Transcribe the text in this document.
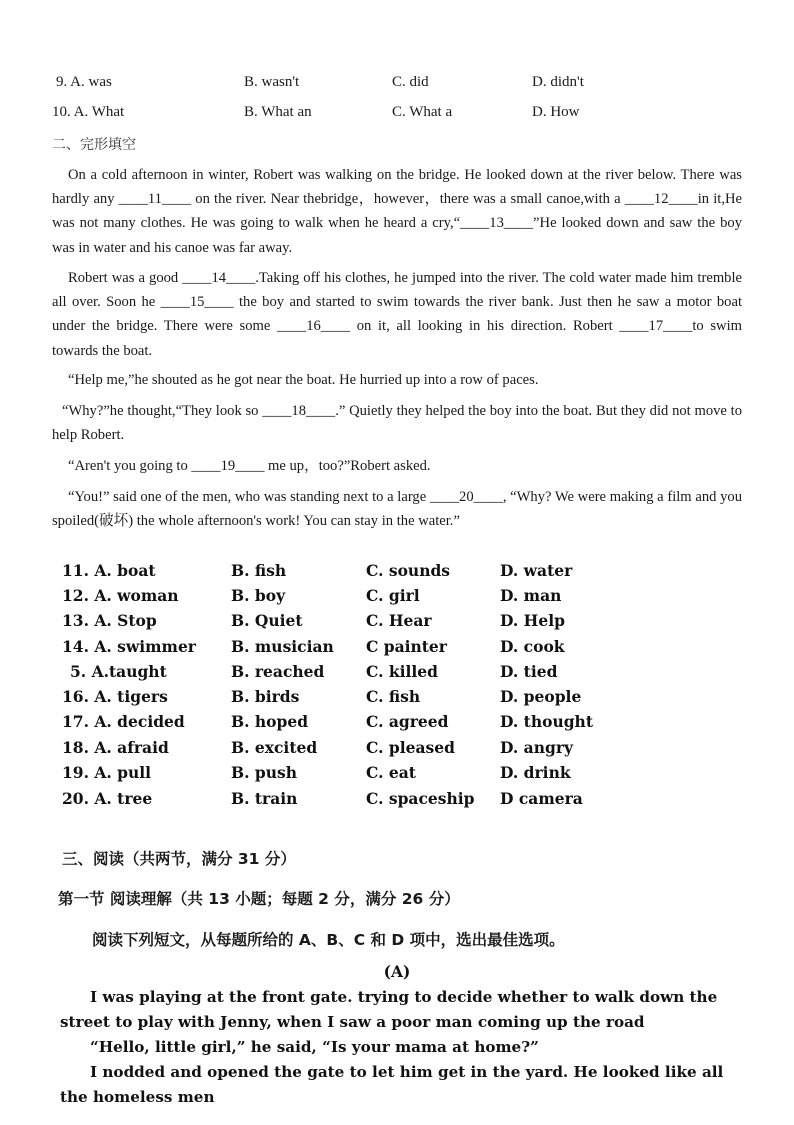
9. A. was	B. wasn't	C. did	D. didn't
10. A. What	B. What an	C. What a	D. How
二、完形填空
On a cold afternoon in winter, Robert was walking on the bridge. He looked down at the river below. There was hardly any ____11____ on the river. Near thebridge，however，there was a small canoe,with a ____12____in it,He was not many clothes. He was going to walk when he heard a cry,“____13____”He looked down and saw the boy was in water and his canoe was far away.
Robert was a good ____14____.Taking off his clothes, he jumped into the river. The cold water made him tremble all over. Soon he ____15____ the boy and started to swim towards the river bank. Just then he saw a motor boat under the bridge. There were some ____16____ on it, all looking in his direction. Robert ____17____to swim towards the boat.
“Help me,”he shouted as he got near the boat. He hurried up into a row of paces.
“Why?”he thought,“They look so ____18____.” Quietly they helped the boy into the boat. But they did not move to help Robert.
“Aren't you going to ____19____ me up，too?”Robert asked.
“You!” said one of the men, who was standing next to a large ____20____, “Why? We were making a film and you spoiled(破坏) the whole afternoon's work! You can stay in the water.”
11. A. boat	B. fish	C. sounds	D. water
12. A. woman	B. boy	C. girl	D. man
13. A. Stop	B. Quiet	C. Hear	D. Help
14. A. swimmer B. musician C painter	D. cook
5. A.taught	B. reached	C. killed	D. tied
16. A. tigers	B. birds	C. fish	D. people
17. A. decided	B. hoped	C. agreed	D. thought
18. A. afraid	B. excited	C. pleased	D. angry
19. A. pull	B. push	C. eat	D. drink
20. A. tree	B. train	C. spaceship D camera
三、阅读（共两节，满分 31 分）
第一节 阅读理解（共 13 小题；每题 2 分，满分 26 分）
阅读下列短文，从每题所给的 A、B、C 和 D 项中，选出最佳选项。
(A)
I was playing at the front gate. trying to decide whether to walk down the street to play with Jenny, when I saw a poor man coming up the road
“Hello, little girl,” he said, “Is your mama at home?”
I nodded and opened the gate to let him get in the yard. He looked like all the homeless men
